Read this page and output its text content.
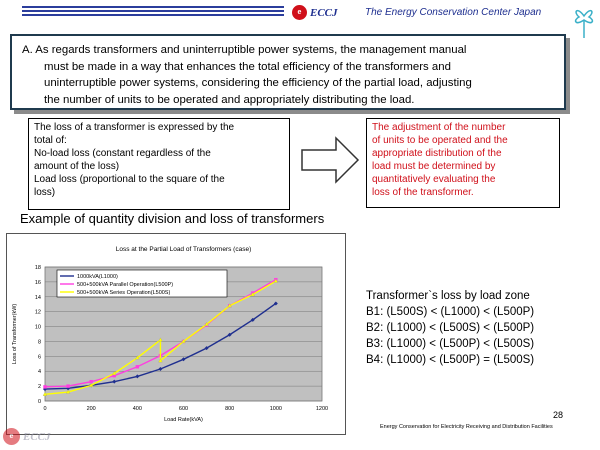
e ECCJ	The Energy Conservation Center Japan
A. As regards transformers and uninterruptible power systems, the management manual
must be made in a way that enhances the total efficiency of the transformers and
uninterruptible power systems, considering the efficiency of the partial load, adjusting
the number of units to be operated and appropriately distributing the load.
The loss of a transformer is expressed by the
total of:
No-load loss (constant regardless of the
amount of the loss)
Load loss (proportional to the square of the
loss)
The adjustment of the number
of units to be operated and the
appropriate distribution of the
load must be determined by
quantitatively evaluating the
loss of the transformer.
Example of quantity division and loss of transformers
0
2
4
6
8
10
12
14
16
18
0	200	400	600	800	1000	1200
Loss at the Partial Load of Transformers (case)
Load Rate(kVA)
Loss of Transformer(kW)
1000kVA(L1000)
500+500kVA Parallel Operation(L500P)
500+500kVA Series Operation(L500S)	Transformer`s loss by load zone
B1: (L500S) < (L1000) < (L500P)
B2: (L1000) < (L500S) < (L500P)
B3: (L1000) < (L500P) < (L500S)
B4: (L1000) < (L500P) = (L500S)
28
Energy Conservation for Electricity Receiving and Distribution Facilities
e ECCJ
